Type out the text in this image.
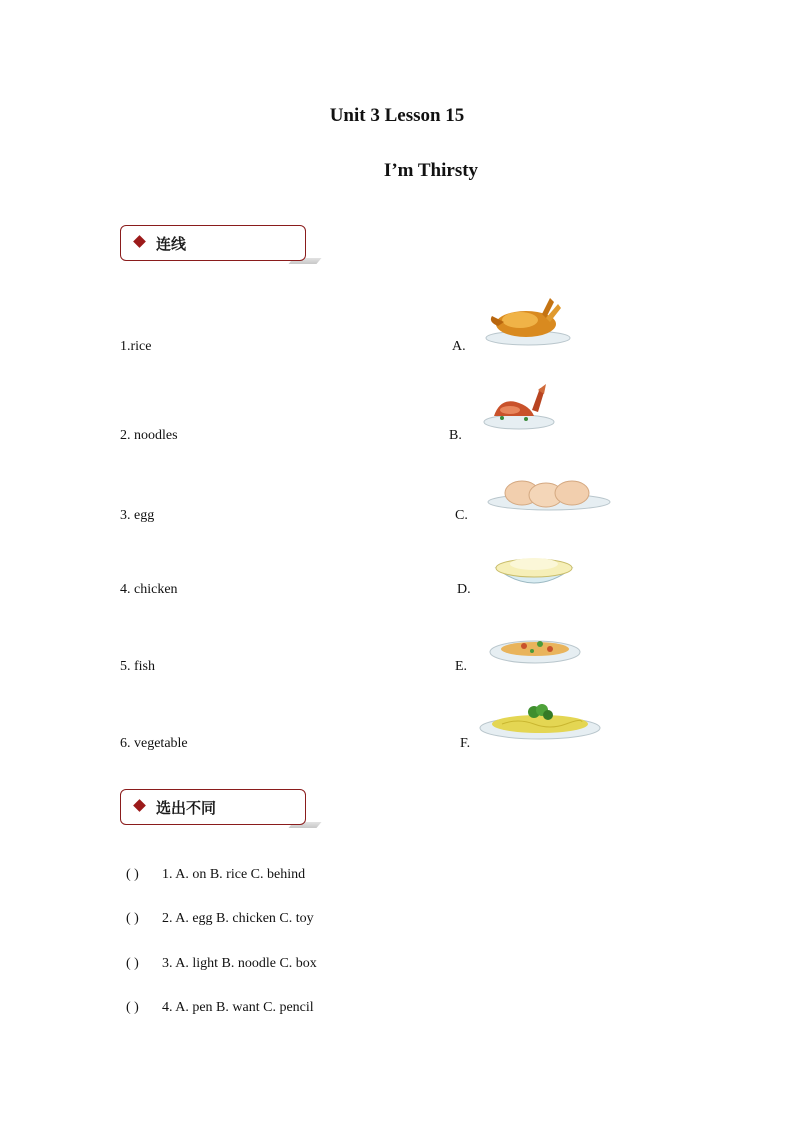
Unit 3 Lesson 15
I’m Thirsty
连线
1.rice
2. noodles
3. egg
4. chicken
5. fish
6. vegetable
A.
B.
C.
D.
E.
F.
选出不同
( ) 1. A. on B. rice C. behind
( ) 2. A. egg B. chicken C. toy
( ) 3. A. light B. noodle C. box
( ) 4. A. pen B. want C. pencil
